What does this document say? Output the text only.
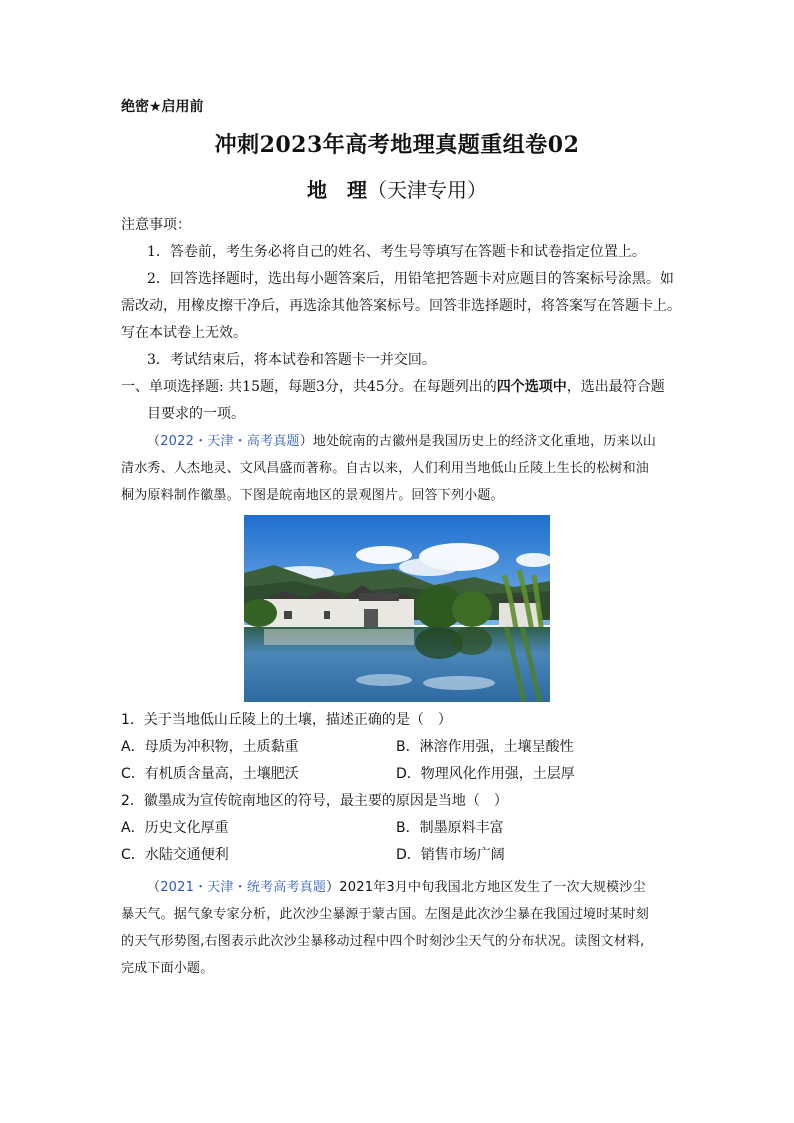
绝密★启用前
冲刺2023年高考地理真题重组卷02
地　理（天津专用）
注意事项：
1．答卷前，考生务必将自己的姓名、考生号等填写在答题卡和试卷指定位置上。
2．回答选择题时，选出每小题答案后，用铅笔把答题卡对应题目的答案标号涂黑。如
需改动，用橡皮擦干净后，再选涂其他答案标号。回答非选择题时，将答案写在答题卡上。
写在本试卷上无效。
3．考试结束后，将本试卷和答题卡一并交回。
一、单项选择题: 共15题，每题3分，共45分。在每题列出的四个选项中，选出最符合题
目要求的一项。
（2022・天津・高考真题）地处皖南的古徽州是我国历史上的经济文化重地，历来以山
清水秀、人杰地灵、文风昌盛而著称。自古以来，人们利用当地低山丘陵上生长的松树和油
桐为原料制作徽墨。下图是皖南地区的景观图片。回答下列小题。
1．关于当地低山丘陵上的土壤，描述正确的是（　）
A．母质为冲积物，土质黏重	B．淋溶作用强，土壤呈酸性
C．有机质含量高，土壤肥沃	D．物理风化作用强，土层厚
2．徽墨成为宣传皖南地区的符号，最主要的原因是当地（　）
A．历史文化厚重	B．制墨原料丰富
C．水陆交通便利	D．销售市场广阔
（2021・天津・统考高考真题）2021年3月中旬我国北方地区发生了一次大规模沙尘
暴天气。据气象专家分析，此次沙尘暴源于蒙古国。左图是此次沙尘暴在我国过境时某时刻
的天气形势图,右图表示此次沙尘暴移动过程中四个时刻沙尘天气的分布状况。读图文材料,
完成下面小题。
